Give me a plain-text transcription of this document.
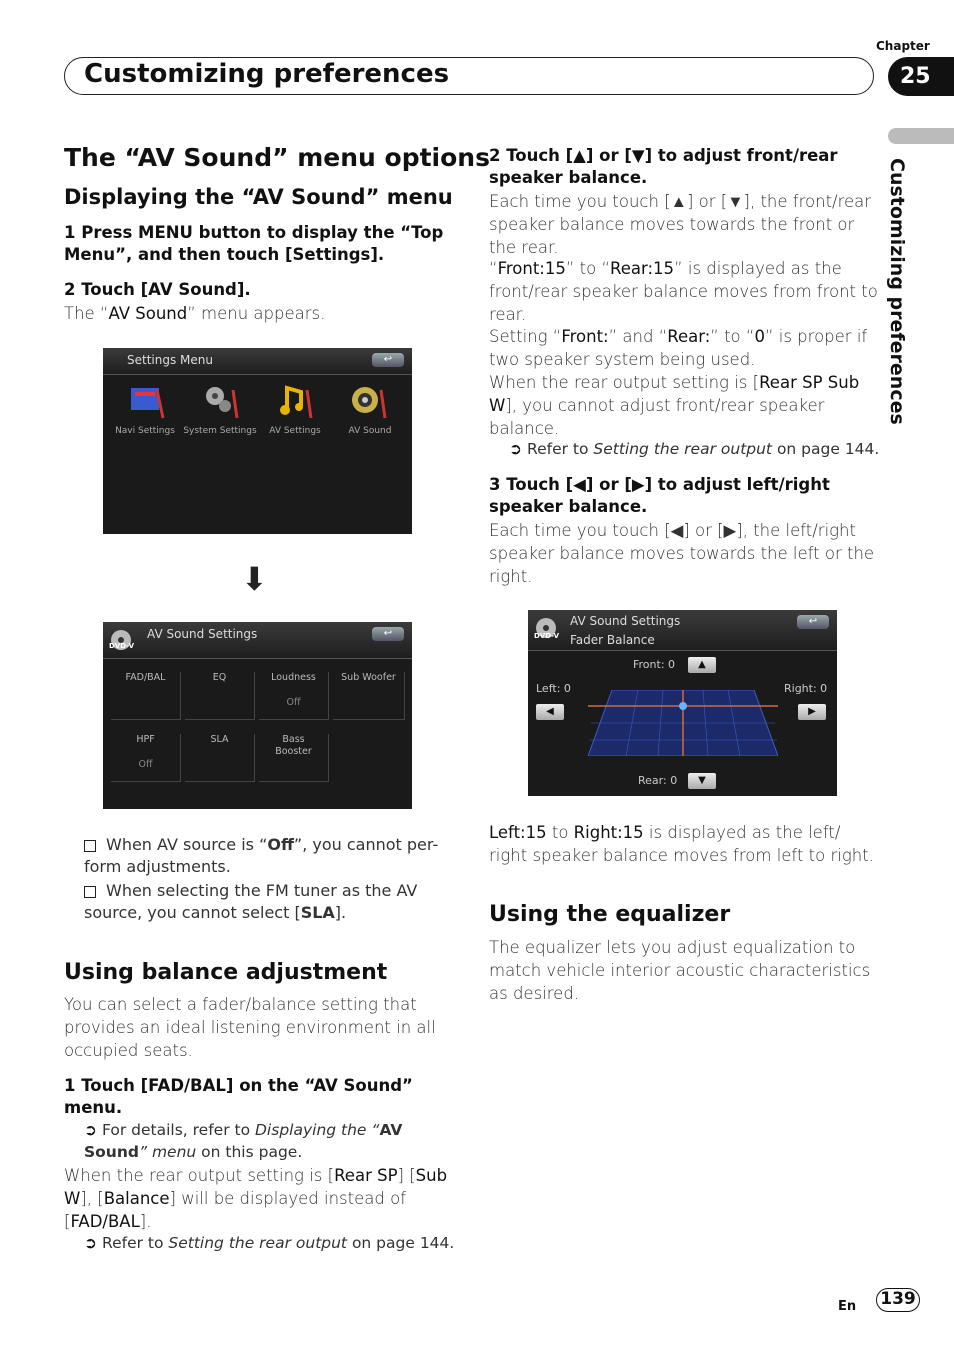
Customizing preferences
Chapter
25
Customizing preferences
The “AV Sound” menu options
Displaying the “AV Sound” menu
1 Press MENU button to display the “Top Menu”, and then touch [Settings].
2 Touch [AV Sound].
The “AV Sound” menu appears.
Settings Menu	↩
Navi Settings System Settings	AV Settings	AV Sound
⬇
DVD-V
AV Sound Settings	↩
FAD/BAL	EQ	Loudness
Off
Sub Woofer
HPF
Off
SLA	Bass Booster
When AV source is “Off”, you cannot per-form adjustments.
When selecting the FM tuner as the AV source, you cannot select [SLA].
Using balance adjustment
You can select a fader/balance setting that provides an ideal listening environment in all occupied seats.
1 Touch [FAD/BAL] on the “AV Sound” menu.
➲ For details, refer to Displaying the “AV Sound” menu on this page.
When the rear output setting is [Rear SP] [Sub W], [Balance] will be displayed instead of [FAD/BAL].
➲ Refer to Setting the rear output on page 144.
2 Touch [▲] or [▼] to adjust front/rear speaker balance.
Each time you touch [▲] or [▼], the front/rear speaker balance moves towards the front or the rear.
“Front:15” to “Rear:15” is displayed as the front/rear speaker balance moves from front to rear.
Setting “Front:” and “Rear:” to “0” is proper if two speaker system being used.
When the rear output setting is [Rear SP Sub W], you cannot adjust front/rear speaker balance.
➲ Refer to Setting the rear output on page 144.
3 Touch [◀] or [▶] to adjust left/right speaker balance.
Each time you touch [◀] or [▶], the left/right speaker balance moves towards the left or the right.
DVD-V
AV Sound Settings
Fader Balance
↩
Front: 0	▲
Left: 0	Right: 0
◀	▶
Rear: 0	▼
Left:15 to Right:15 is displayed as the left/ right speaker balance moves from left to right.
Using the equalizer
The equalizer lets you adjust equalization to match vehicle interior acoustic characteristics as desired.
En 139
